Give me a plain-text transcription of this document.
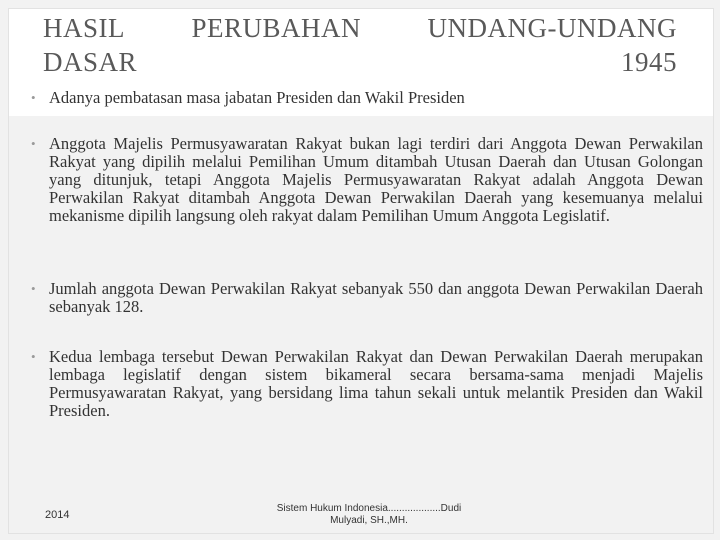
HASIL PERUBAHAN UNDANG-UNDANG
DASAR	1945
• Adanya pembatasan masa jabatan Presiden dan Wakil Presiden
• Anggota Majelis Permusyawaratan Rakyat bukan lagi terdiri dari Anggota Dewan Perwakilan Rakyat yang dipilih melalui Pemilihan Umum ditambah Utusan Daerah dan Utusan Golongan yang ditunjuk, tetapi Anggota Majelis Permusyawaratan Rakyat adalah Anggota Dewan Perwakilan Rakyat ditambah Anggota Dewan Perwakilan Daerah yang kesemuanya melalui mekanisme dipilih langsung oleh rakyat dalam Pemilihan Umum Anggota Legislatif.
• Jumlah anggota Dewan Perwakilan Rakyat sebanyak 550 dan anggota Dewan Perwakilan Daerah sebanyak 128.
• Kedua lembaga tersebut Dewan Perwakilan Rakyat dan Dewan Perwakilan Daerah merupakan lembaga legislatif dengan sistem bikameral secara bersama-sama menjadi Majelis Permusyawaratan Rakyat, yang bersidang lima tahun sekali untuk melantik Presiden dan Wakil Presiden.
2014
Sistem Hukum Indonesia...................Dudi
Mulyadi, SH.,MH.
